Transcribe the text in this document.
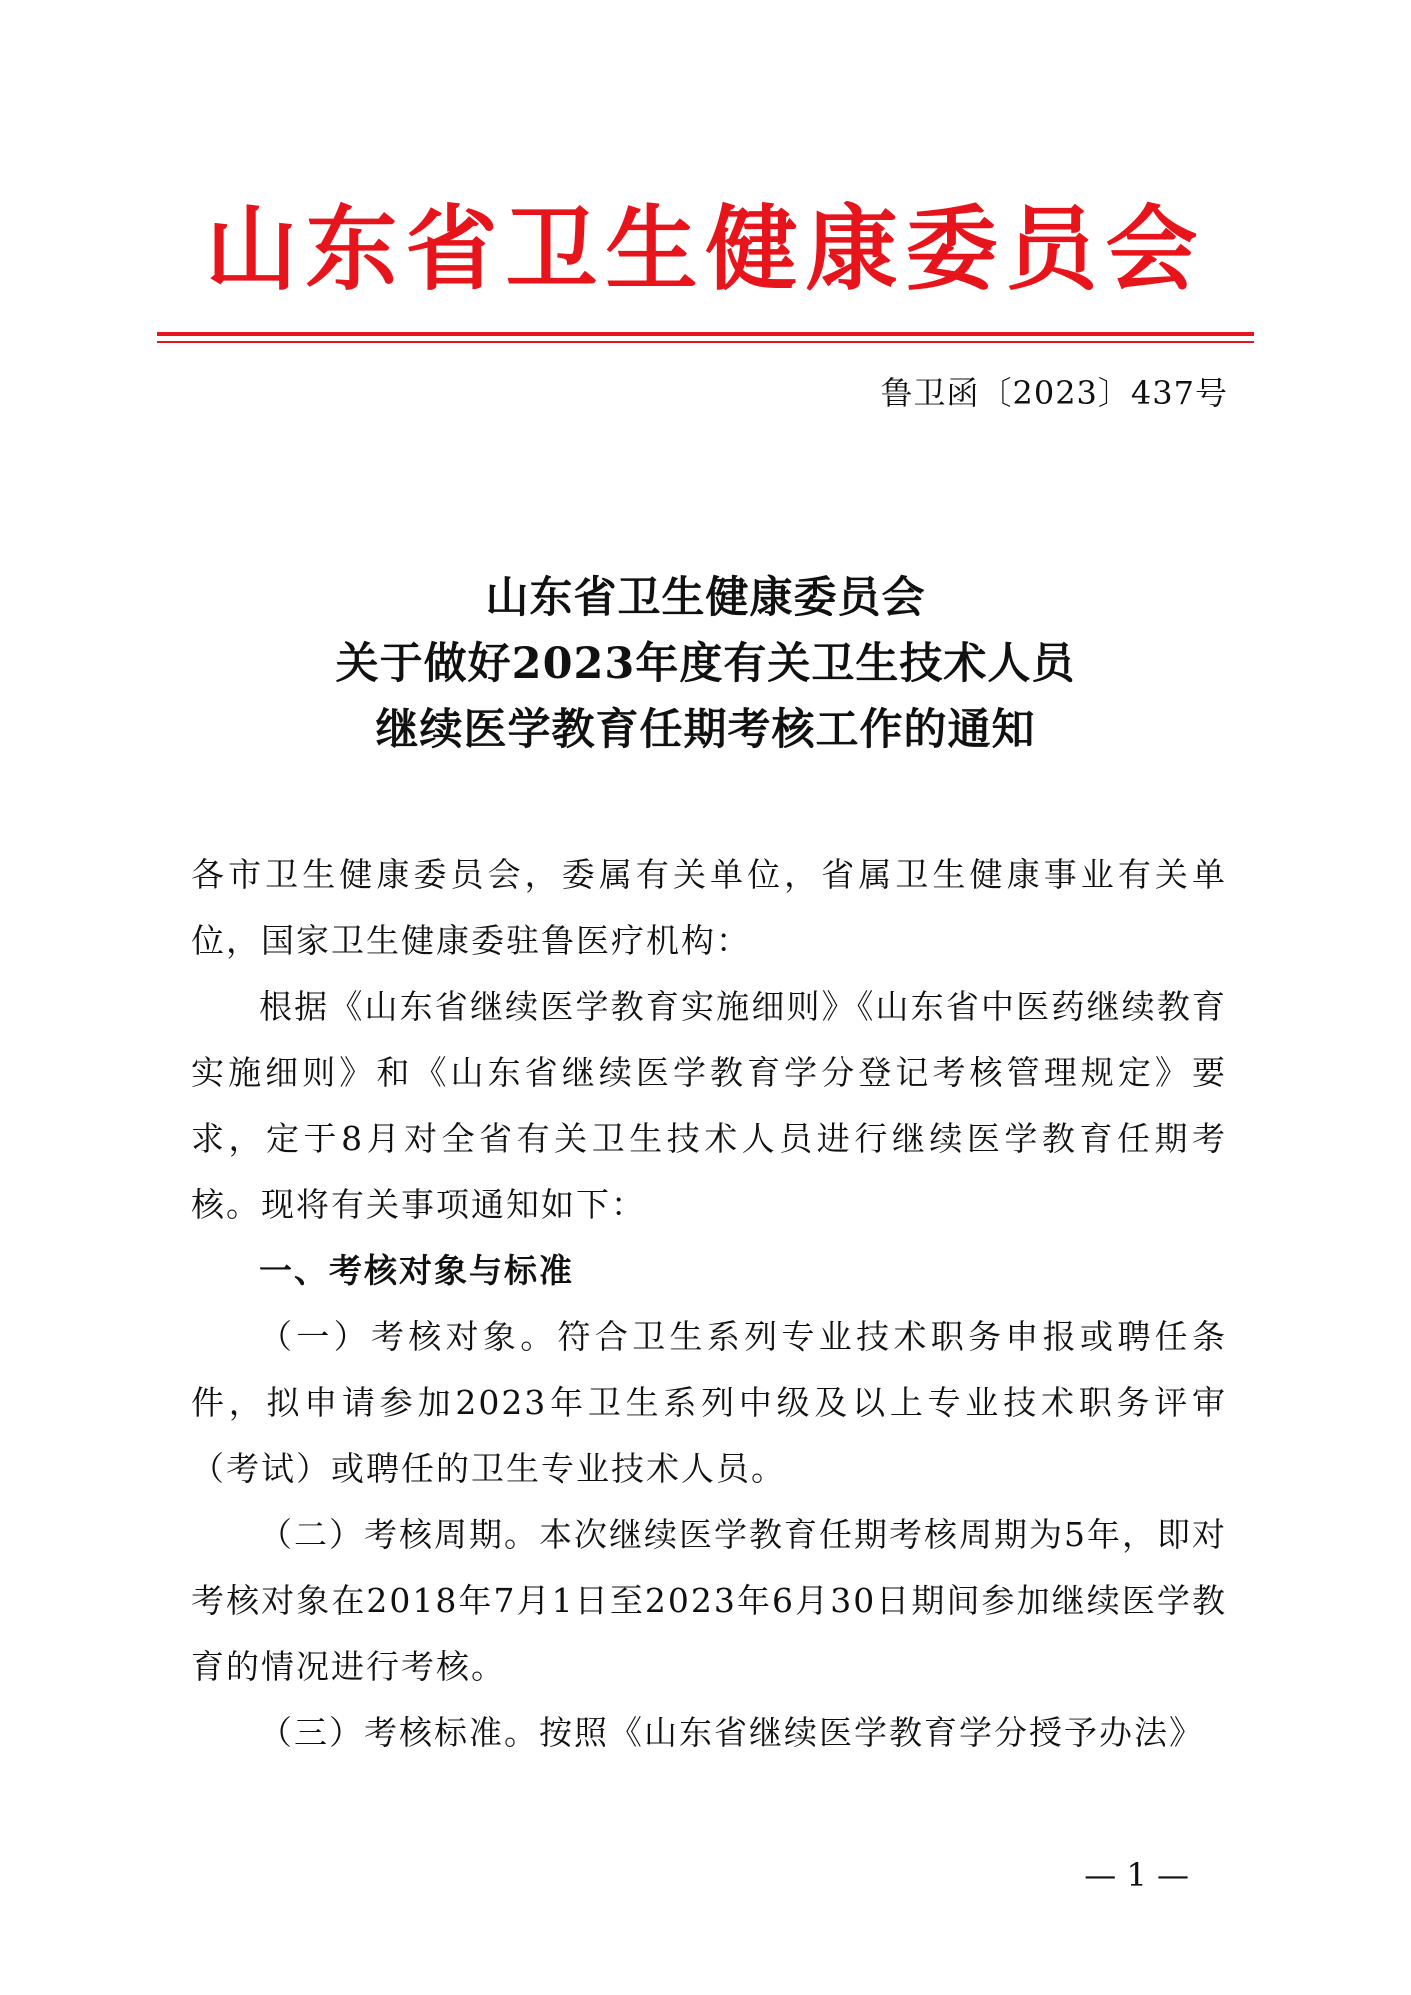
山东省卫生健康委员会
鲁卫函〔2023〕437号
山东省卫生健康委员会
关于做好2023年度有关卫生技术人员
继续医学教育任期考核工作的通知

各市卫生健康委员会，委属有关单位，省属卫生健康事业有关单位，国家卫生健康委驻鲁医疗机构：

根据《山东省继续医学教育实施细则》《山东省中医药继续教育实施细则》和《山东省继续医学教育学分登记考核管理规定》要求，定于8月对全省有关卫生技术人员进行继续医学教育任期考核。现将有关事项通知如下：

一、考核对象与标准

（一）考核对象。符合卫生系列专业技术职务申报或聘任条件，拟申请参加2023年卫生系列中级及以上专业技术职务评审（考试）或聘任的卫生专业技术人员。

（二）考核周期。本次继续医学教育任期考核周期为5年，即对考核对象在2018年7月1日至2023年6月30日期间参加继续医学教育的情况进行考核。

（三）考核标准。按照《山东省继续医学教育学分授予办法》

— 1 —
